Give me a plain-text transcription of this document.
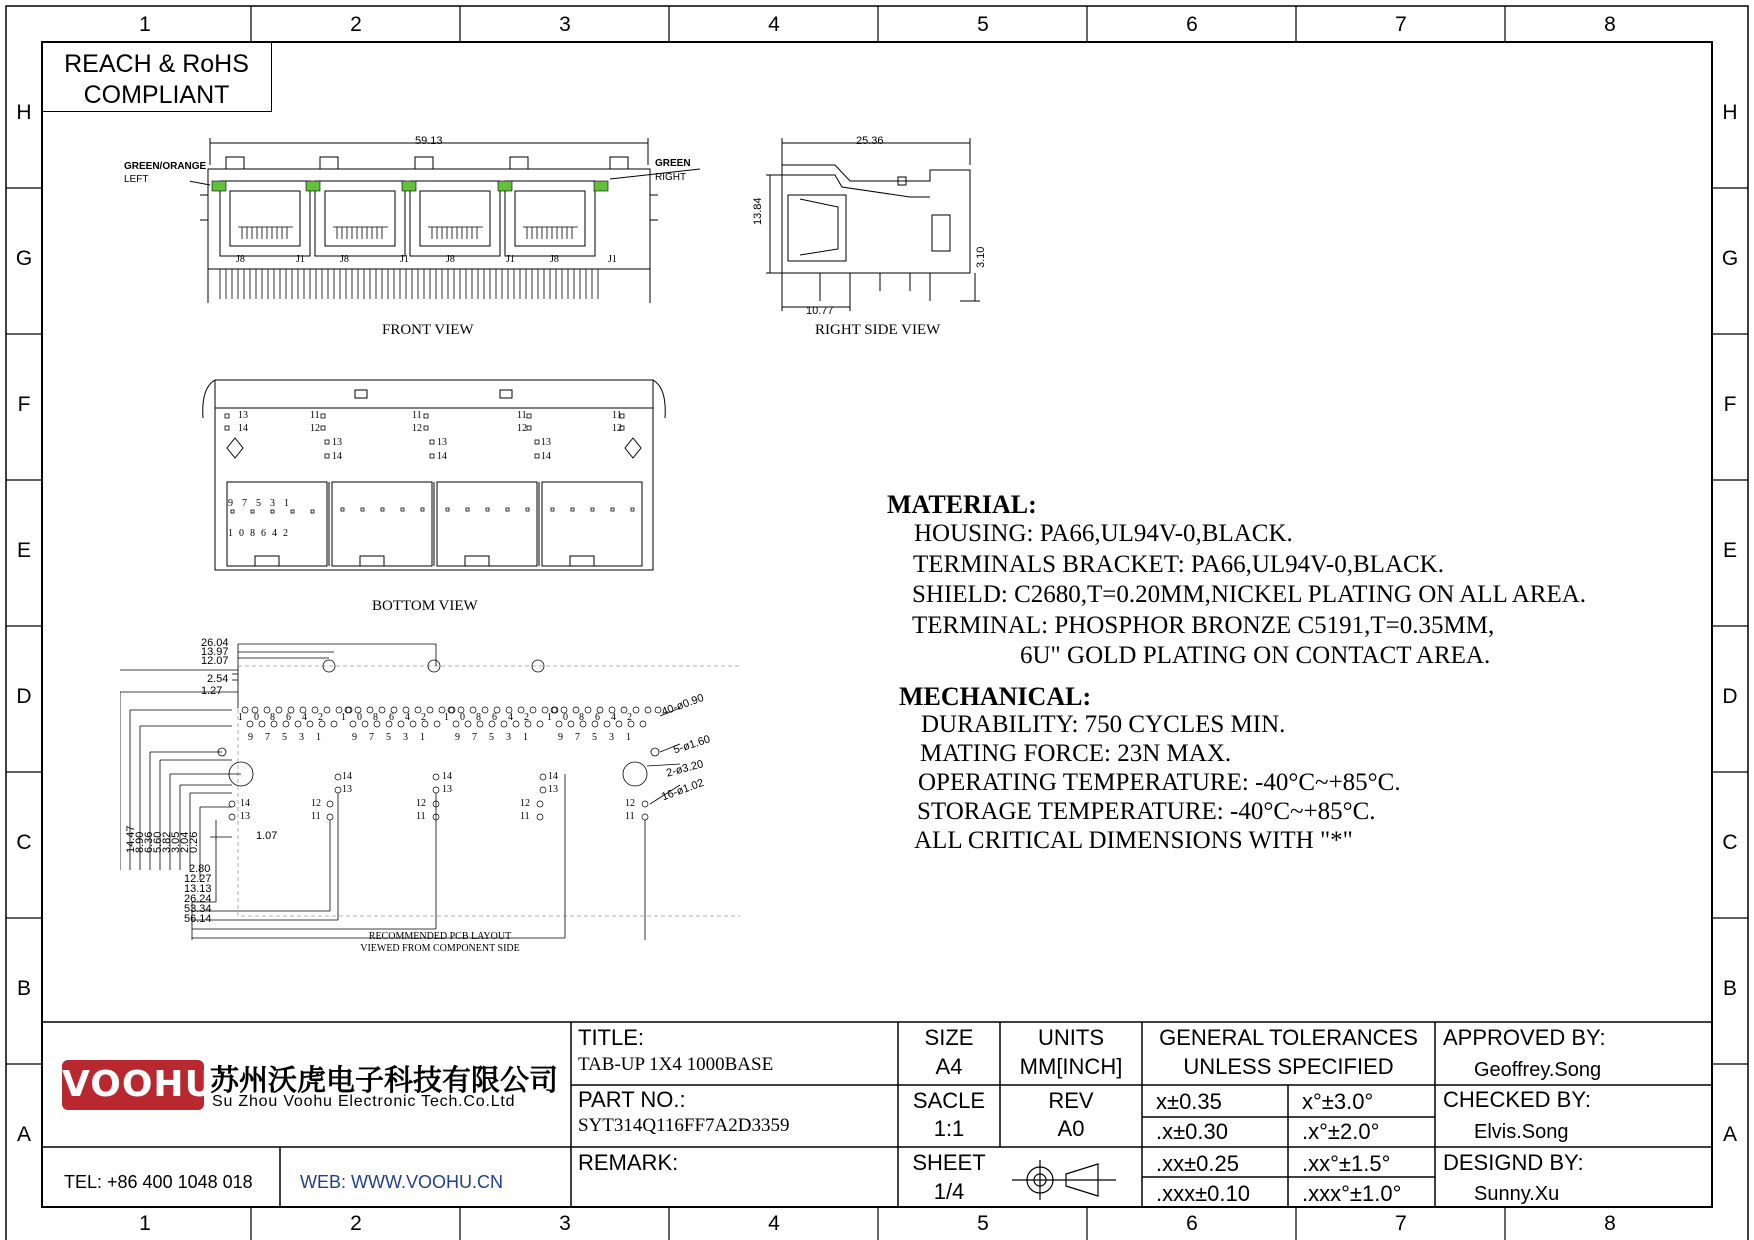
1	2	3	4	5	6	7	8
1	2	3	4	5	6	7	8
H
G
F
E
D
C
B
A
H
G
F
E
D
C
B
A
REACH & RoHS
COMPLIANT
59.13
GREEN/ORANGE
LEFT
GREEN
RIGHT
J8	J1	J8	J1	J8	J1	J8	J1
FRONT VIEW
25.36
13.84
3.10
10.77
RIGHT SIDE VIEW
13
14
11
12
13
14
11
12
13
14
11
12
13
14
11
12
97531
108642
BOTTOM VIEW
26.04
13.97
12.07
2.54
1.27
14.47
8.90
6.36
5.60
3.82
3.05
2.04
0.26	1.07
2.80
12.27
13.13
26.24
53.34
56.14
40-ø0.90
5-ø1.60
2-ø3.20
16-ø1.02
108642 108642 108642 108642
97531 97531 97531 97531
14
13
14
13
14
13
14
13
12
11
12
11
12
11
12
11
RECOMMENDED PCB LAYOUT
VIEWED FROM COMPONENT SIDE
MATERIAL:
HOUSING: PA66,UL94V-0,BLACK.
TERMINALS BRACKET: PA66,UL94V-0,BLACK.
SHIELD: C2680,T=0.20MM,NICKEL PLATING ON ALL AREA.
TERMINAL: PHOSPHOR BRONZE C5191,T=0.35MM,
6U" GOLD PLATING ON CONTACT AREA.
MECHANICAL:
DURABILITY: 750 CYCLES MIN.
MATING FORCE: 23N MAX.
OPERATING TEMPERATURE: -40°C~+85°C.
STORAGE TEMPERATURE: -40°C~+85°C.
ALL CRITICAL DIMENSIONS WITH "*"
VOOHU
苏州沃虎电子科技有限公司
Su Zhou Voohu Electronic Tech.Co.Ltd
TEL: +86 400 1048 018	WEB: WWW.VOOHU.CN
TITLE:
TAB-UP 1X4 1000BASE
PART NO.:
SYT314Q116FF7A2D3359
REMARK:
SIZE
A4
UNITS
MM[INCH]
SACLE
1:1
REV
A0
SHEET
1/4
GENERAL TOLERANCES
UNLESS SPECIFIED
x±0.35	x°±3.0°
.x±0.30	.x°±2.0°
.xx±0.25	.xx°±1.5°
.xxx±0.10 .xxx°±1.0°
APPROVED BY:
Geoffrey.Song
CHECKED BY:
Elvis.Song
DESIGND BY:
Sunny.Xu
